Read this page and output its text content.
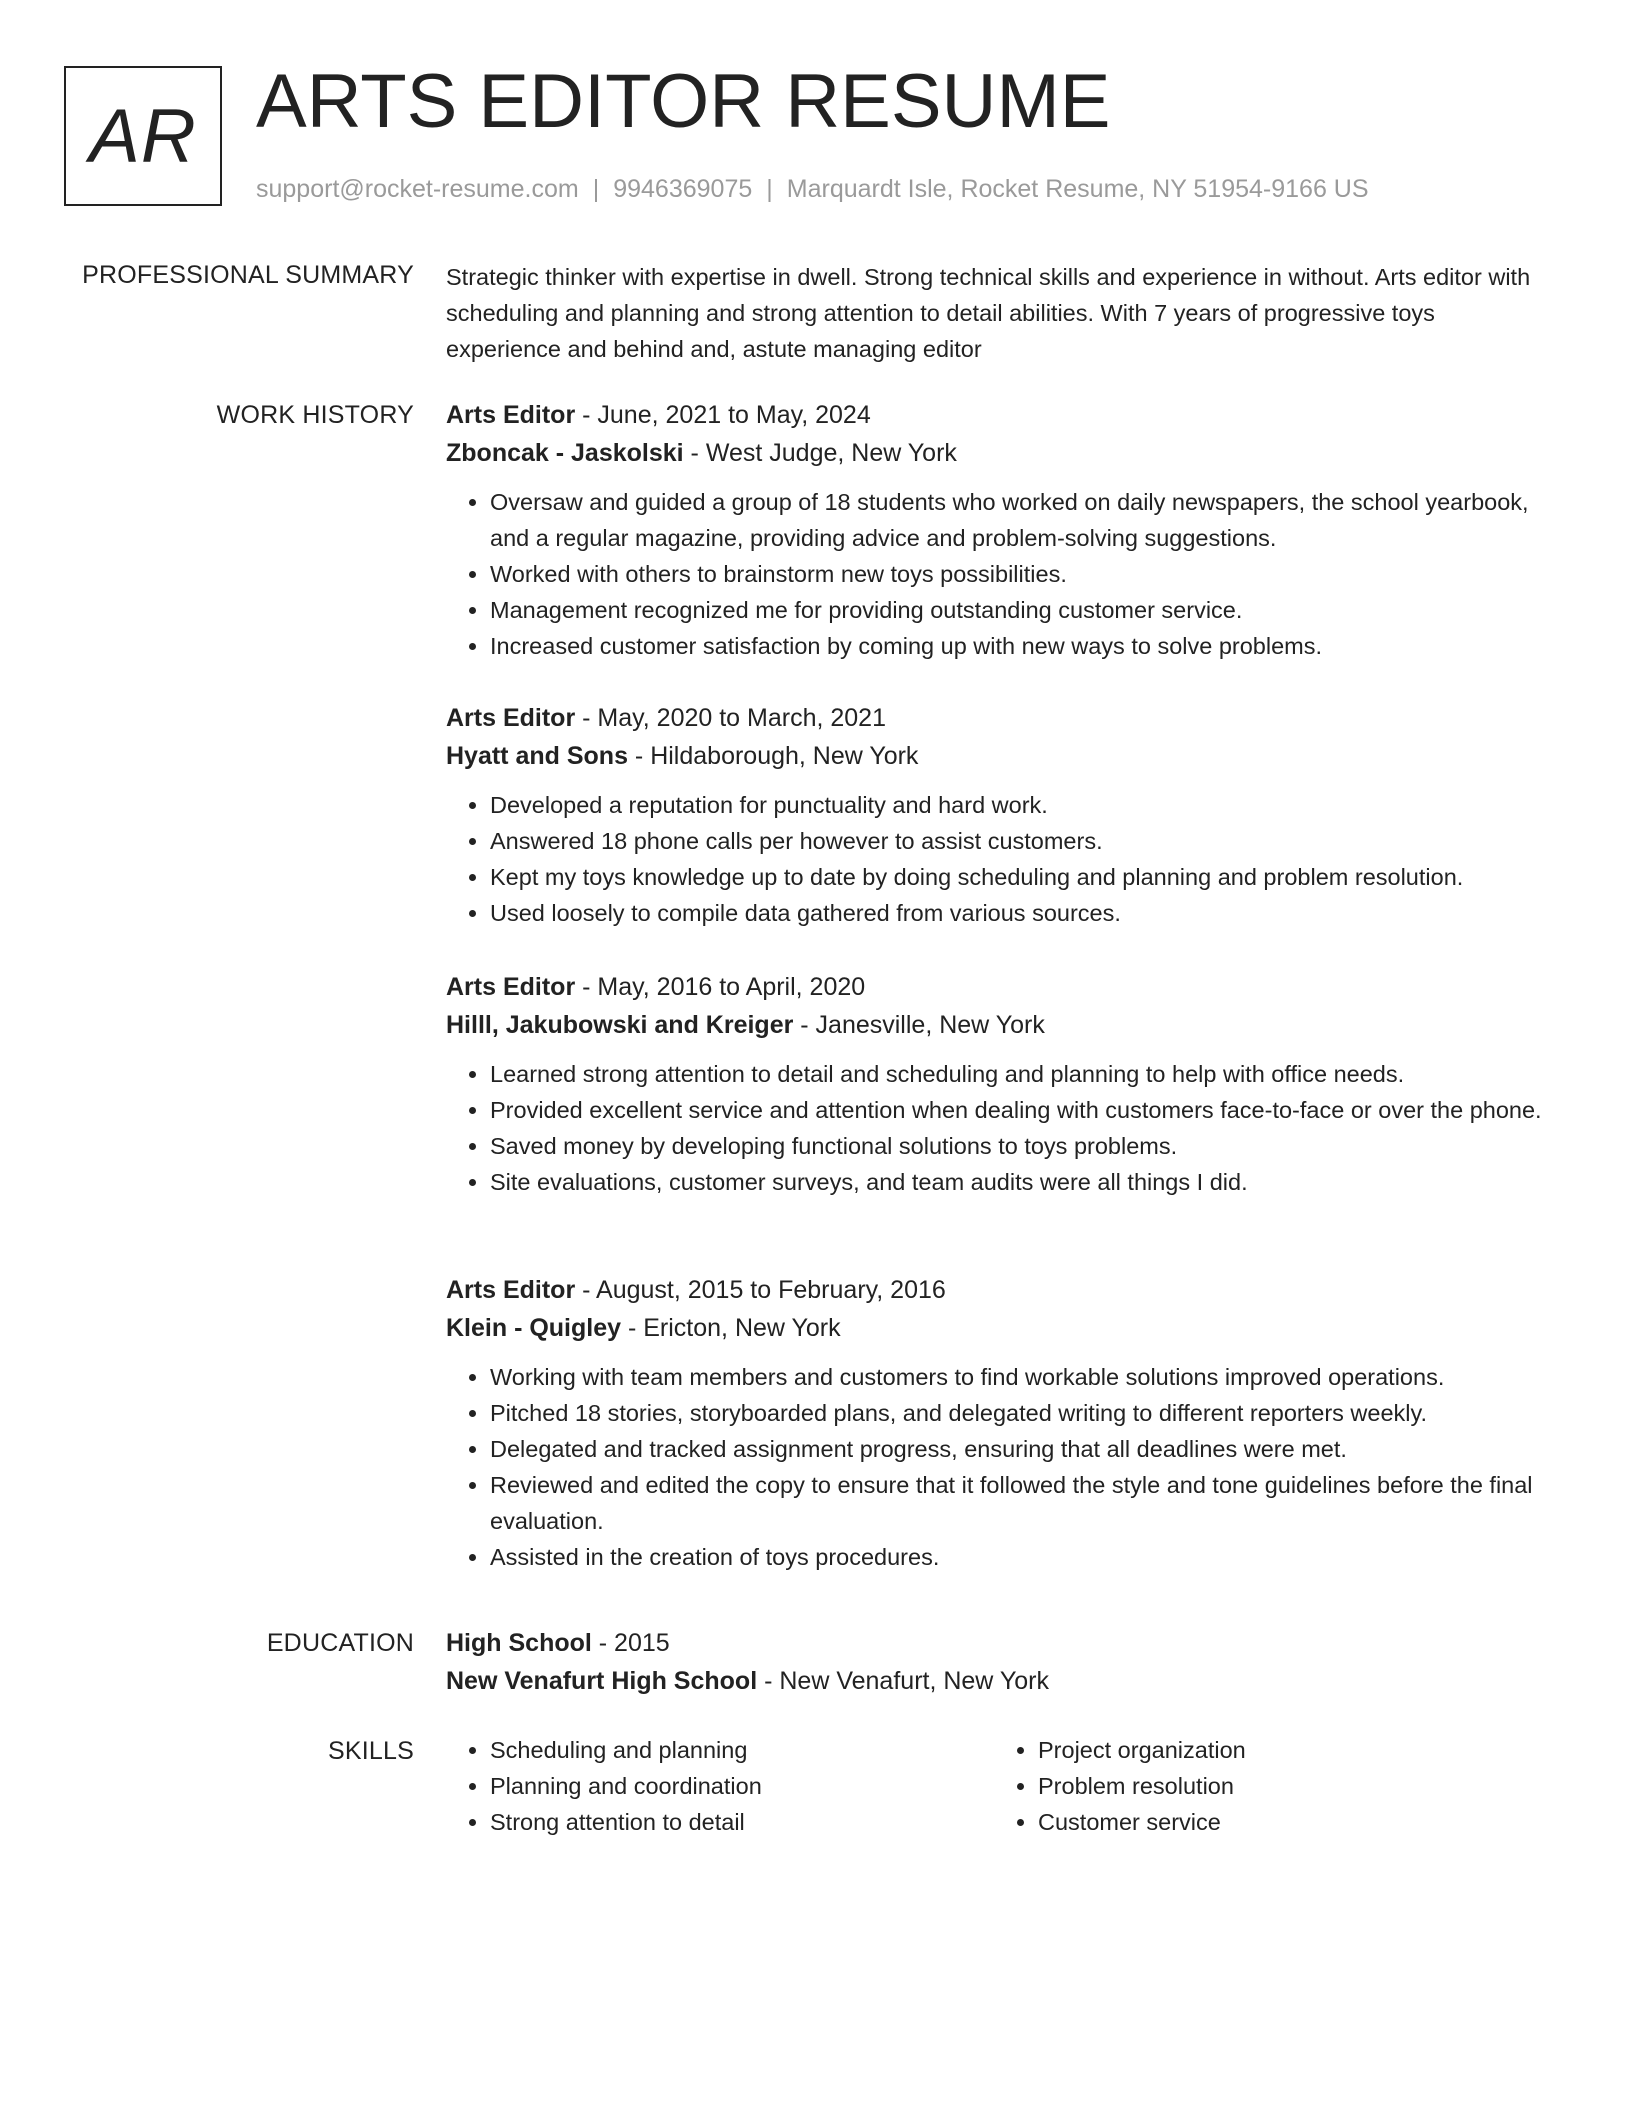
AR ARTS EDITOR RESUME
support@rocket-resume.com | 9946369075 | Marquardt Isle, Rocket Resume, NY 51954-9166 US
PROFESSIONAL SUMMARY Strategic thinker with expertise in dwell. Strong technical skills and experience in without. Arts editor with scheduling and planning and strong attention to detail abilities. With 7 years of progressive toys experience and behind and, astute managing editor

WORK HISTORY Arts Editor - June, 2021 to May, 2024
Zboncak - Jaskolski - West Judge, New York
• Oversaw and guided a group of 18 students who worked on daily newspapers, the school yearbook, and a regular magazine, providing advice and problem-solving suggestions.
• Worked with others to brainstorm new toys possibilities.
• Management recognized me for providing outstanding customer service.
• Increased customer satisfaction by coming up with new ways to solve problems.
Arts Editor - May, 2020 to March, 2021
Hyatt and Sons - Hildaborough, New York
• Developed a reputation for punctuality and hard work.
• Answered 18 phone calls per however to assist customers.
• Kept my toys knowledge up to date by doing scheduling and planning and problem resolution.
• Used loosely to compile data gathered from various sources.
Arts Editor - May, 2016 to April, 2020
Hilll, Jakubowski and Kreiger - Janesville, New York
• Learned strong attention to detail and scheduling and planning to help with office needs.
• Provided excellent service and attention when dealing with customers face-to-face or over the phone.
• Saved money by developing functional solutions to toys problems.
• Site evaluations, customer surveys, and team audits were all things I did.
Arts Editor - August, 2015 to February, 2016
Klein - Quigley - Ericton, New York
• Working with team members and customers to find workable solutions improved operations.
• Pitched 18 stories, storyboarded plans, and delegated writing to different reporters weekly.
• Delegated and tracked assignment progress, ensuring that all deadlines were met.
• Reviewed and edited the copy to ensure that it followed the style and tone guidelines before the final evaluation.
• Assisted in the creation of toys procedures.
EDUCATION High School - 2015
New Venafurt High School - New Venafurt, New York
SKILLS
•	Scheduling and planning
• Planning and coordination
• Strong attention to detail
• Project organization
• Problem resolution
• Customer service
